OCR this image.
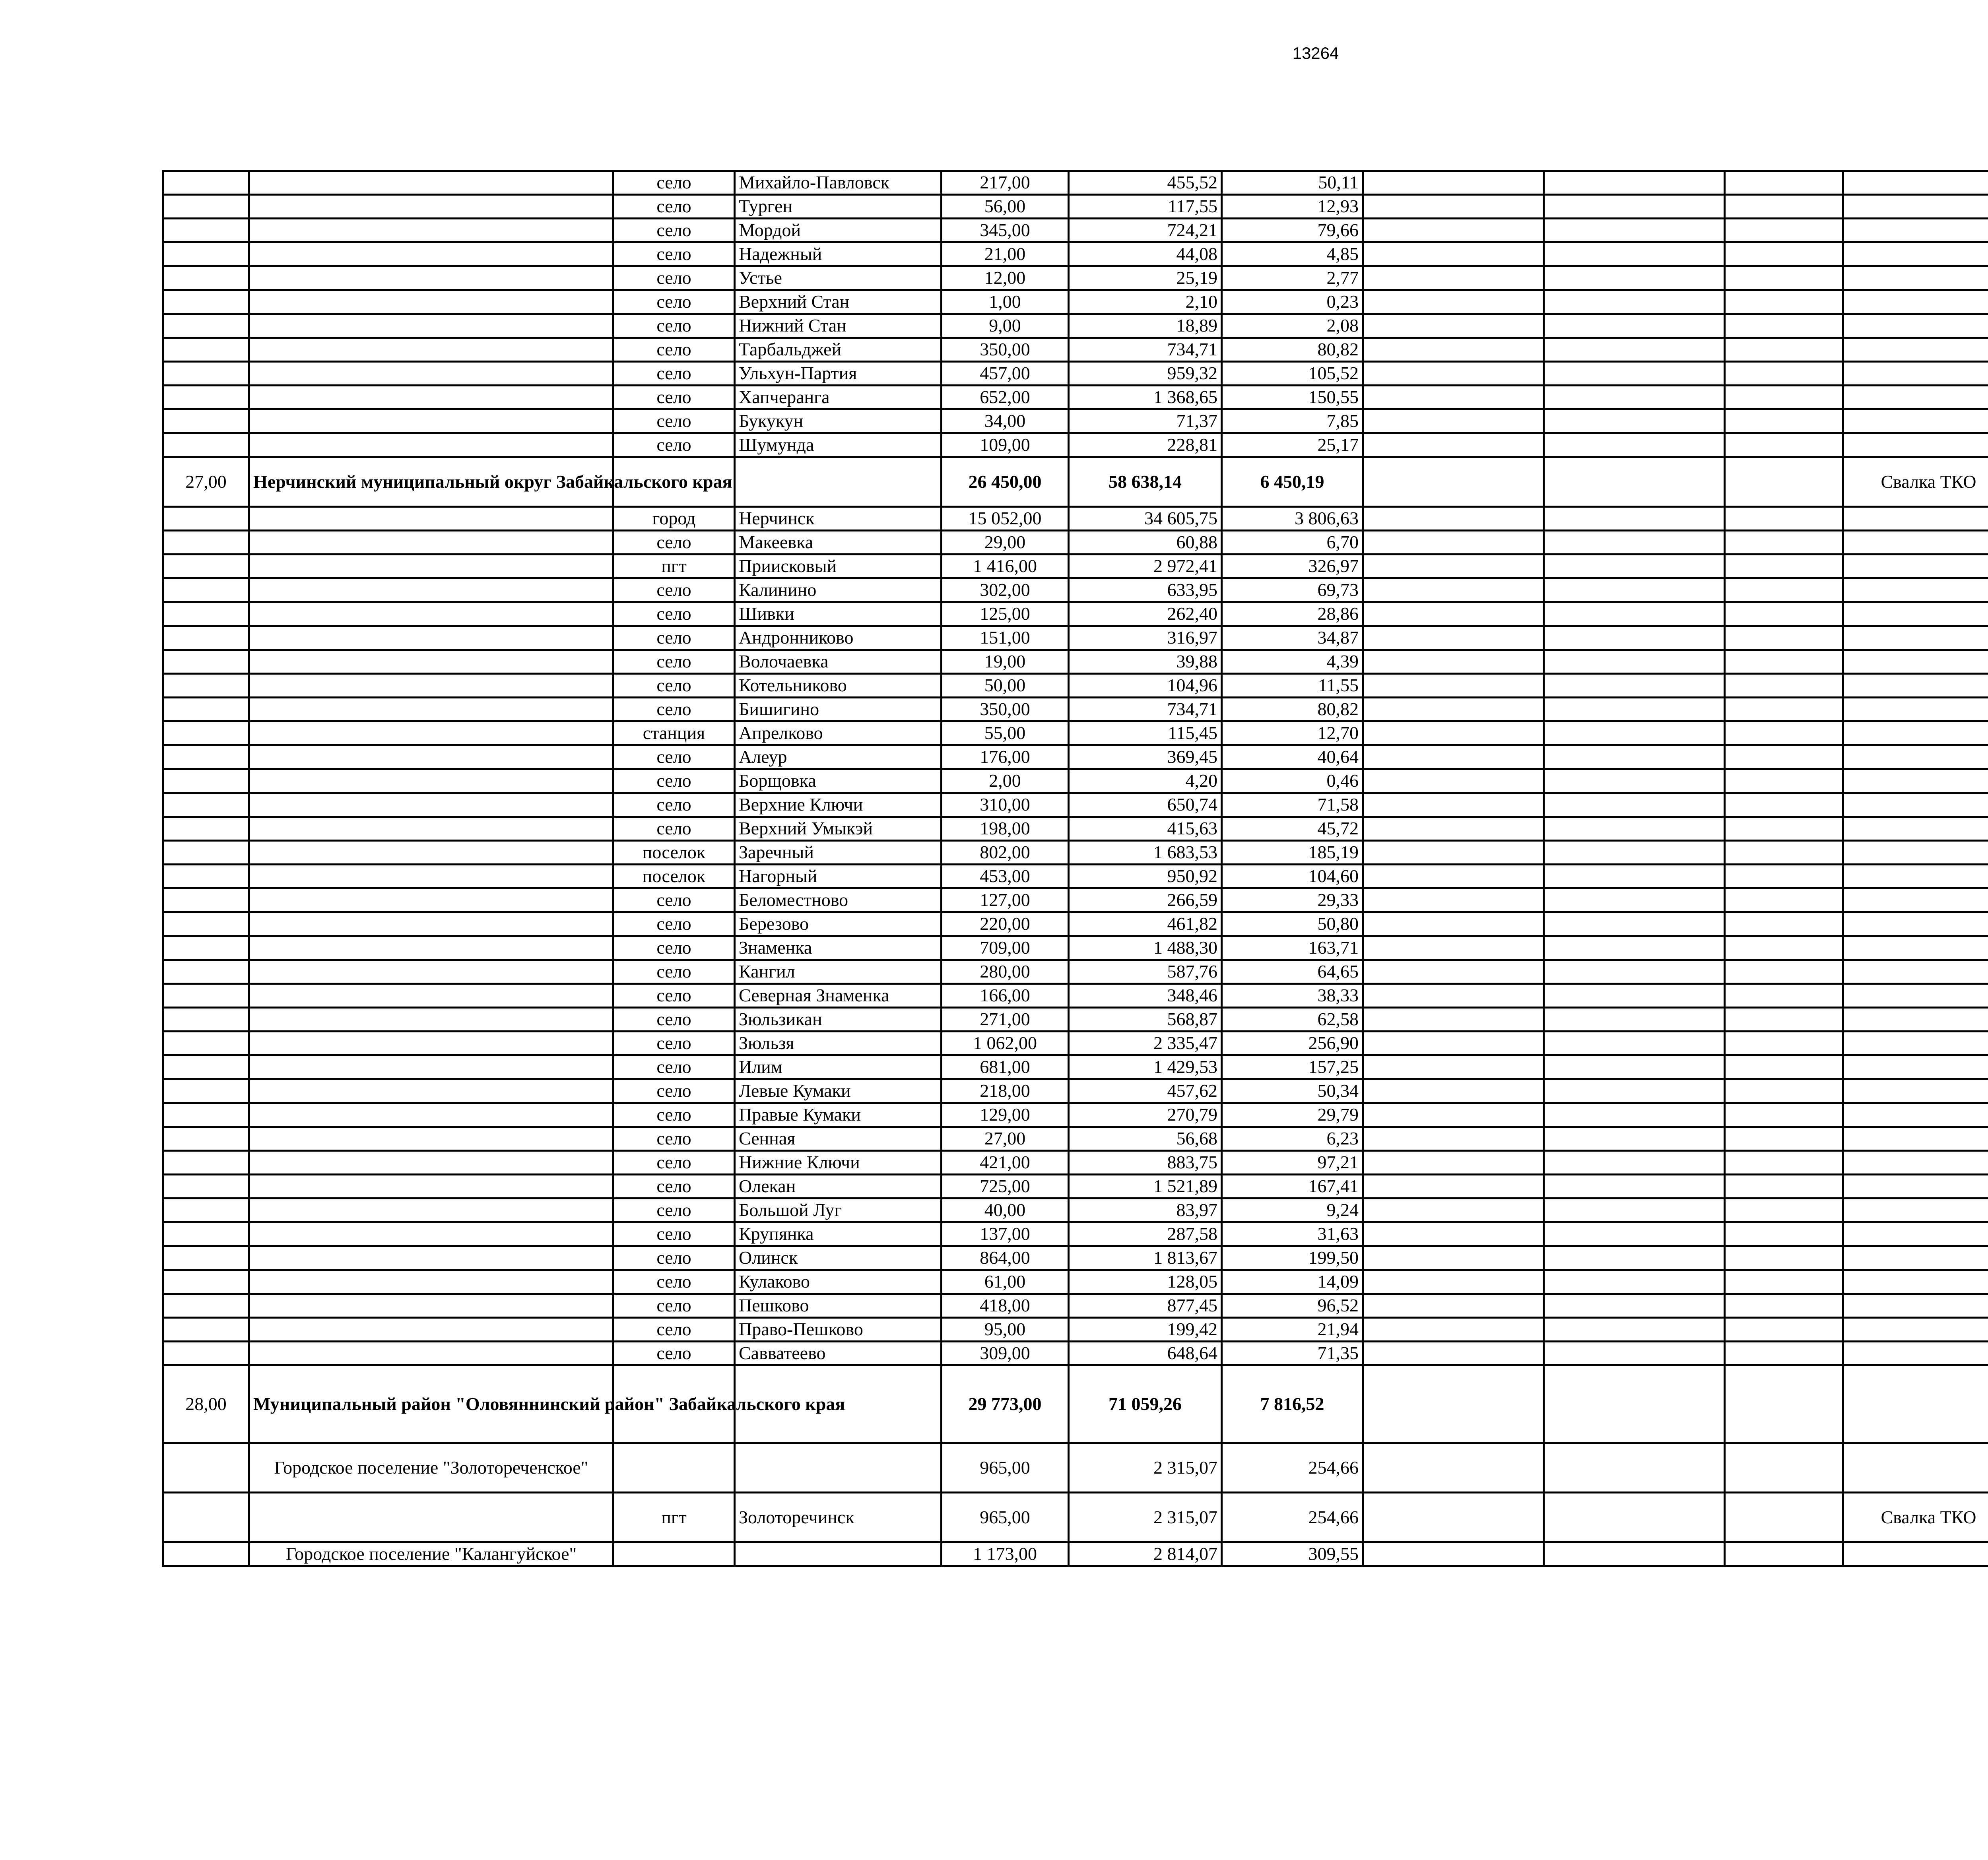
13264
		село	Михайло-Павловск	217,00	455,52	50,11						
		село	Турген	56,00	117,55	12,93						
		село	Мордой	345,00	724,21	79,66						
		село	Надежный	21,00	44,08	4,85						
		село	Устье	12,00	25,19	2,77						
		село	Верхний Стан	1,00	2,10	0,23						
		село	Нижний Стан	9,00	18,89	2,08						
		село	Тарбальджей	350,00	734,71	80,82						
		село	Ульхун-Партия	457,00	959,32	105,52						
		село	Хапчеранга	652,00	1 368,65	150,55						
		село	Букукун	34,00	71,37	7,85						
		село	Шумунда	109,00	228,81	25,17						
27,00	Нерчинский муниципальный округ Забайкальского края			26 450,00	58 638,14	6 450,19				Свалка ТКО		
		город	Нерчинск	15 052,00	34 605,75	3 806,63						
		село	Макеевка	29,00	60,88	6,70						
		пгт	Приисковый	1 416,00	2 972,41	326,97						
		село	Калинино	302,00	633,95	69,73						
		село	Шивки	125,00	262,40	28,86						
		село	Андронниково	151,00	316,97	34,87						
		село	Волочаевка	19,00	39,88	4,39						
		село	Котельниково	50,00	104,96	11,55						
		село	Бишигино	350,00	734,71	80,82						
		станция	Апрелково	55,00	115,45	12,70						
		село	Алеур	176,00	369,45	40,64						
		село	Борщовка	2,00	4,20	0,46						
		село	Верхние Ключи	310,00	650,74	71,58						
		село	Верхний Умыкэй	198,00	415,63	45,72						
		поселок	Заречный	802,00	1 683,53	185,19						
		поселок	Нагорный	453,00	950,92	104,60						
		село	Беломестново	127,00	266,59	29,33						
		село	Березово	220,00	461,82	50,80						
		село	Знаменка	709,00	1 488,30	163,71						
		село	Кангил	280,00	587,76	64,65						
		село	Северная Знаменка	166,00	348,46	38,33						
		село	Зюльзикан	271,00	568,87	62,58						
		село	Зюльзя	1 062,00	2 335,47	256,90						
		село	Илим	681,00	1 429,53	157,25						
		село	Левые Кумаки	218,00	457,62	50,34						
		село	Правые Кумаки	129,00	270,79	29,79						
		село	Сенная	27,00	56,68	6,23						
		село	Нижние Ключи	421,00	883,75	97,21						
		село	Олекан	725,00	1 521,89	167,41						
		село	Большой Луг	40,00	83,97	9,24						
		село	Крупянка	137,00	287,58	31,63						
		село	Олинск	864,00	1 813,67	199,50						
		село	Кулаково	61,00	128,05	14,09						
		село	Пешково	418,00	877,45	96,52						
		село	Право-Пешково	95,00	199,42	21,94						
		село	Савватеево	309,00	648,64	71,35						
28,00	Муниципальный район "Оловяннинский район" Забайкальского края			29 773,00	71 059,26	7 816,52						
	Городское поселение "Золотореченское"			965,00	2 315,07	254,66						
		пгт	Золоторечинск	965,00	2 315,07	254,66				Свалка ТКО		
	Городское поселение "Калангуйское"			1 173,00	2 814,07	309,55						
